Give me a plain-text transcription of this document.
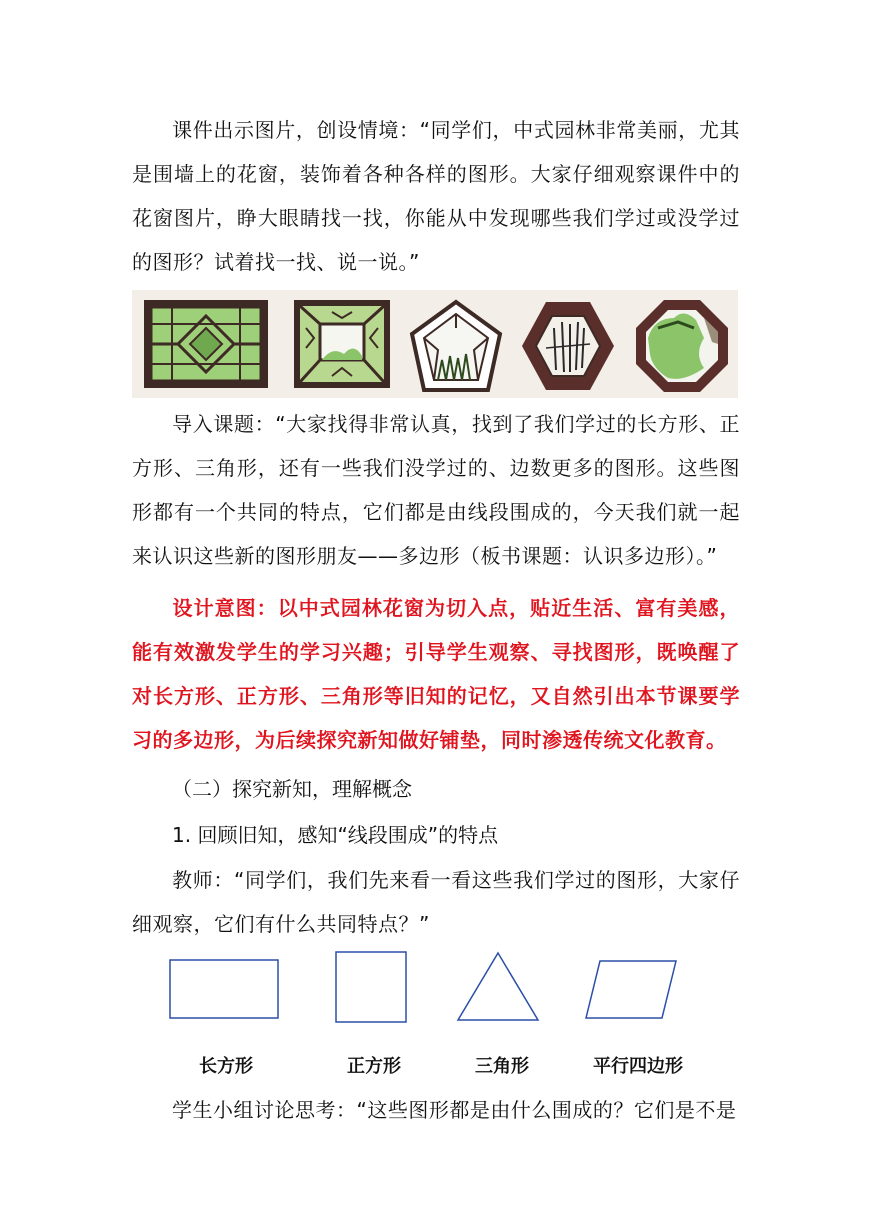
课件出示图片，创设情境：“同学们，中式园林非常美丽，尤其是围墙上的花窗，装饰着各种各样的图形。大家仔细观察课件中的花窗图片，睁大眼睛找一找，你能从中发现哪些我们学过或没学过的图形？试着找一找、说一说。”

导入课题：“大家找得非常认真，找到了我们学过的长方形、正方形、三角形，还有一些我们没学过的、边数更多的图形。这些图形都有一个共同的特点，它们都是由线段围成的，今天我们就一起来认识这些新的图形朋友——多边形（板书课题：认识多边形）。”

设计意图：以中式园林花窗为切入点，贴近生活、富有美感，能有效激发学生的学习兴趣；引导学生观察、寻找图形，既唤醒了对长方形、正方形、三角形等旧知的记忆，又自然引出本节课要学习的多边形，为后续探究新知做好铺垫，同时渗透传统文化教育。

（二）探究新知，理解概念
1. 回顾旧知，感知“线段围成”的特点

教师：“同学们，我们先来看一看这些我们学过的图形，大家仔细观察，它们有什么共同特点？”

长方形	正方形	三角形	平行四边形

学生小组讨论思考：“这些图形都是由什么围成的？它们是不是
